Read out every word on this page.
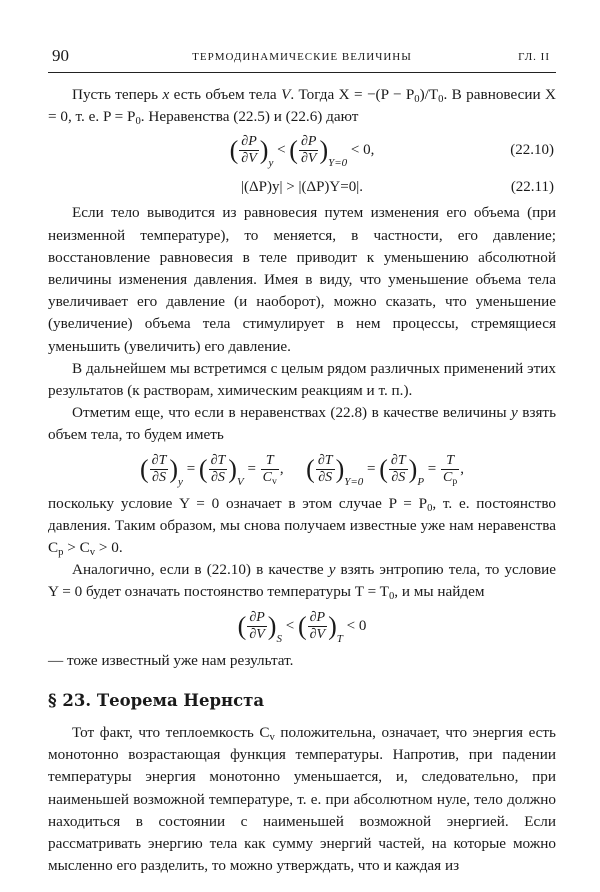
90	ТЕРМОДИНАМИЧЕСКИЕ ВЕЛИЧИНЫ	ГЛ. II

Пусть теперь x есть объем тела V. Тогда $X = -(P - P_0)/T_0$. В равновесии X = 0, т. е. $P = P_0$. Неравенства (22.5) и (22.6) дают

( $\frac{\partial P}{\partial V} )_y$ < ( $\frac{\partial P}{\partial V} )_{Y=0} < 0$,	(22.10)
|(ΔP)y| > |(ΔP)Y=0|.	(22.11)

Если тело выводится из равновесия путем изменения его объема (при неизменной температуре), то меняется, в частности, его давление; восстановление равновесия в теле приводит к уменьшению абсолютной величины изменения давления. Имея в виду, что уменьшение объема тела увеличивает его давление (и наоборот), можно сказать, что уменьшение (увеличение) объема тела стимулирует в нем процессы, стремящиеся уменьшить (увеличить) его давление.

В дальнейшем мы встретимся с целым рядом различных применений этих результатов (к растворам, химическим реакциям и т. п.).

Отметим еще, что если в неравенствах (22.8) в качестве величины y взять объем тела, то будем иметь

( $\frac{\partial T}{\partial S} )_y$ = ( $\frac{\partial T}{\partial S} )_V = \frac{T}{C_v}$ ,      ( $\frac{\partial T}{\partial S} )_{Y=0}$ = ( $\frac{\partial T}{\partial S} )_P = \frac{T}{C_p}$ ,

поскольку условие Y = 0 означает в этом случае $P = P_0$, т. е. постоянство давления. Таким образом, мы снова получаем известные уже нам неравенства $C_p > C_v > 0$.

Аналогично, если в (22.10) в качестве y взять энтропию тела, то условие Y = 0 будет означать постоянство температуры $T = T_0$, и мы найдем

( $\frac{\partial P}{\partial V} )_S$ < ( $\frac{\partial P}{\partial V} )_T < 0$

— тоже известный уже нам результат.

§ 23. Теорема Нернста

Тот факт, что теплоемкость $C_v$ положительна, означает, что энергия есть монотонно возрастающая функция температуры. Напротив, при падении температуры энергия монотонно уменьшается, и, следовательно, при наименьшей возможной температуре, т. е. при абсолютном нуле, тело должно находиться в состоянии с наименьшей возможной энергией. Если рассматривать энергию тела как сумму энергий частей, на которые можно мысленно его разделить, то можно утверждать, что и каждая из
